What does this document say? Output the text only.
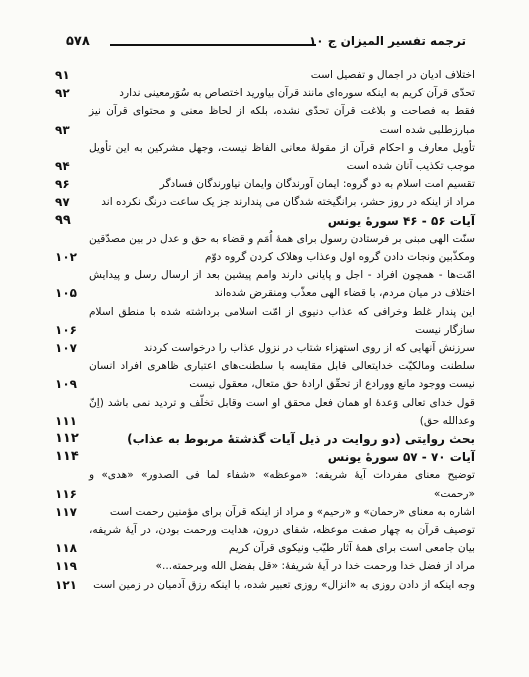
۵۷۸	ترجمه تفسیر المیزان ج ۱۰
اختلاف ادیان در اجمال و تفصیل است
۹۱
تحدّی قرآن کریم به اینکه سوره‌ای مانند قرآن بیاورید اختصاص به سُوَرمعینی ندارد
۹۲
فقط به فصاحت و بلاغت قرآن تحدّی نشده، بلکه از لحاظ معنی و محتوای قرآن نیز مبارزطلبی شده است
۹۳
تأویل معارف و احکام قرآن از مقولهٔ معانی الفاظ نیست، وجهل مشرکین به این تأویل موجب تکذیب آنان شده است
۹۴
تقسیم امت اسلام به دو گروه: ایمان آورندگان وایمان نیاورندگان فسادگر
۹۶
مراد از اینکه در روز حشر، برانگیخته شدگان می پندارند جز یک ساعت درنگ نکرده اند
۹۷
آیات ۵۶ - ۴۶ سورهٔ یونس
۹۹
سنّت الهی مبنی بر فرستادن رسول برای همهٔ اُمَم و قضاء به حق و عدل در بین مصدّقین ومکذّبین ونجات دادن گروه اول وعذاب وهلاک کردن گروه دوّم
۱۰۲
امّت‌ها - همچون افراد - اجل و پایانی دارند وامم پیشین بعد از ارسال رسل و پیدایش اختلاف در میان مردم، با قضاء الهی معذّب ومنقرض شده‌اند
۱۰۵
این پندار غلط وخرافی که عذاب دنیوی از امّت اسلامی برداشته شده با منطق اسلام سازگار نیست
۱۰۶
سرزنش آنهایی که از روی استهزاء شتاب در نزول عذاب را درخواست کردند
۱۰۷
سلطنت ومالکیّت خدایتعالی قابل مقایسه با سلطنت‌های اعتباری ظاهری افراد انسان نیست ووجود مانع وورادع از تحقّق ارادهٔ حق متعال، معقول نیست
۱۰۹
قول خدای تعالی وَعدهٔ او همان فعل محقق او است وقابل تخلّف و تردید نمی باشد (اِنّ وعدالله حق)
۱۱۱
بحث روایتی (دو روایت در ذیل آیات گذشتهٔ مربوط به عذاب)
۱۱۲
آیات ۷۰ - ۵۷ سورهٔ یونس
۱۱۴
توضیح معنای مفردات آیهٔ شریفه: «موعظه» «شفاء لما فی الصدور» «هدی» و «رحمت»
۱۱۶
اشاره به معنای «رحمان» و «رحیم» و مراد از اینکه قرآن برای مؤمنین رحمت است
۱۱۷
توصیف قرآن به چهار صفت موعظه، شفای درون، هدایت ورحمت بودن، در آیهٔ شریفه، بیان جامعی است برای همهٔ آثار طیّب ونیکوی قرآن کریم
۱۱۸
مراد از فضل خدا ورحمت خدا در آیهٔ شریفهٔ: «قل بفضل الله وبرحمته...»
۱۱۹
وجه اینکه از دادن روزی به «انزال» روزی تعبیر شده، با اینکه رزق آدمیان در زمین است
۱۲۱
